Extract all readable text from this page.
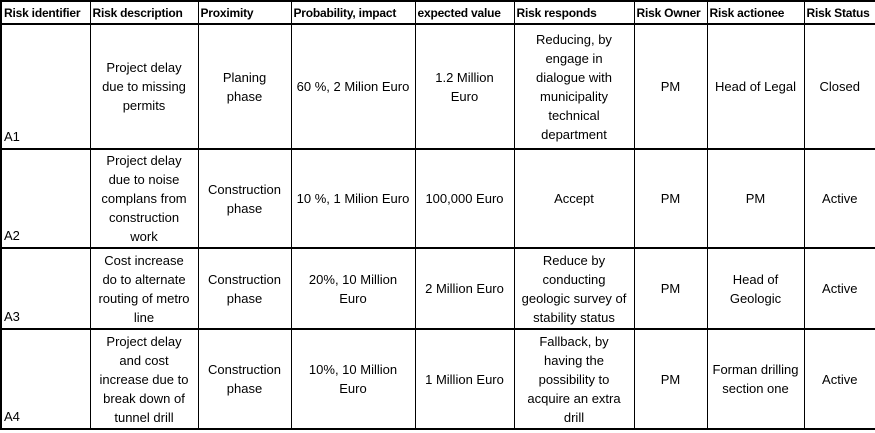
Risk identifier	Risk description	Proximity	Probability, impact	expected value	Risk responds	Risk Owner	Risk actionee	Risk Status
A1	Project delay due to missing permits	Planing phase	60 %, 2 Milion Euro	1.2 Million Euro	Reducing, by engage in dialogue with municipality technical department	PM	Head of Legal	Closed
A2	Project delay due to noise complans from construction work	Construction phase	10 %, 1 Milion Euro	100,000 Euro	Accept	PM	PM	Active
A3	Cost increase do to alternate routing of metro line	Construction phase	20%, 10 Million Euro	2 Million Euro	Reduce by conducting geologic survey of stability status	PM	Head of Geologic	Active
A4	Project delay and cost increase due to break down of tunnel drill	Construction phase	10%, 10 Million Euro	1 Million Euro	Fallback, by having the possibility to acquire an extra drill	PM	Forman drilling section one	Active
